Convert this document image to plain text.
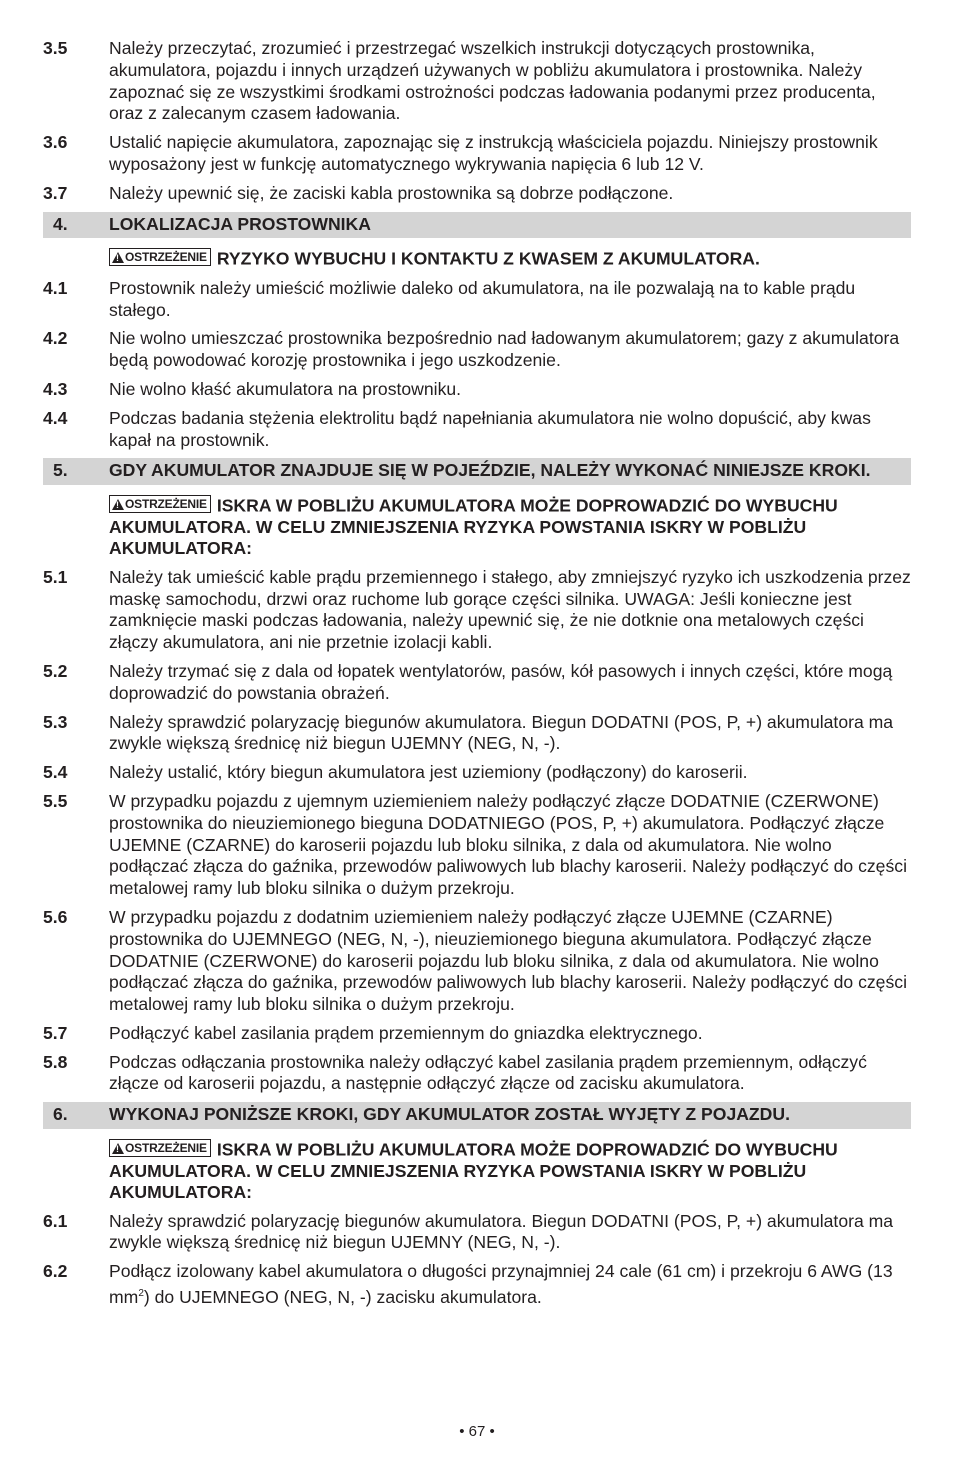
3.5	Należy przeczytać, zrozumieć i przestrzegać wszelkich instrukcji dotyczących prostownika, akumulatora, pojazdu i innych urządzeń używanych w pobliżu akumulatora i prostownika. Należy zapoznać się ze wszystkimi środkami ostrożności podczas ładowania podanymi przez producenta, oraz z zalecanym czasem ładowania.
3.6	Ustalić napięcie akumulatora, zapoznając się z instrukcją właściciela pojazdu. Niniejszy prostownik wyposażony jest w funkcję automatycznego wykrywania napięcia 6 lub 12 V.
3.7	Należy upewnić się, że zaciski kabla prostownika są dobrze podłączone.
4.	LOKALIZACJA PROSTOWNIKA
!
OSTRZEŻENIE RYZYKO WYBUCHU I KONTAKTU Z KWASEM Z AKUMULATORA.
4.1	Prostownik należy umieścić możliwie daleko od akumulatora, na ile pozwalają na to kable prądu stałego.
4.2	Nie wolno umieszczać prostownika bezpośrednio nad ładowanym akumulatorem; gazy z akumulatora będą powodować korozję prostownika i jego uszkodzenie.
4.3	Nie wolno kłaść akumulatora na prostowniku.
4.4	Podczas badania stężenia elektrolitu bądź napełniania akumulatora nie wolno dopuścić, aby kwas kapał na prostownik.
5.	GDY AKUMULATOR ZNAJDUJE SIĘ W POJEŹDZIE, NALEŻY WYKONAĆ NINIEJSZE KROKI.
!
OSTRZEŻENIE ISKRA W POBLIŻU AKUMULATORA MOŻE DOPROWADZIĆ DO WYBUCHU AKUMULATORA. W CELU ZMNIEJSZENIA RYZYKA POWSTANIA ISKRY W POBLIŻU AKUMULATORA:
5.1	Należy tak umieścić kable prądu przemiennego i stałego, aby zmniejszyć ryzyko ich uszkodzenia przez maskę samochodu, drzwi oraz ruchome lub gorące części silnika. UWAGA: Jeśli konieczne jest zamknięcie maski podczas ładowania, należy upewnić się, że nie dotknie ona metalowych części złączy akumulatora, ani nie przetnie izolacji kabli.
5.2	Należy trzymać się z dala od łopatek wentylatorów, pasów, kół pasowych i innych części, które mogą doprowadzić do powstania obrażeń.
5.3	Należy sprawdzić polaryzację biegunów akumulatora. Biegun DODATNI (POS, P, +) akumulatora ma zwykle większą średnicę niż biegun UJEMNY (NEG, N, -).
5.4	Należy ustalić, który biegun akumulatora jest uziemiony (podłączony) do karoserii.
5.5	W przypadku pojazdu z ujemnym uziemieniem należy podłączyć złącze DODATNIE (CZERWONE) prostownika do nieuziemionego bieguna DODATNIEGO (POS, P, +) akumulatora. Podłączyć złącze UJEMNE (CZARNE) do karoserii pojazdu lub bloku silnika, z dala od akumulatora. Nie wolno podłączać złącza do gaźnika, przewodów paliwowych lub blachy karoserii. Należy podłączyć do części metalowej ramy lub bloku silnika o dużym przekroju.
5.6	W przypadku pojazdu z dodatnim uziemieniem należy podłączyć złącze UJEMNE (CZARNE) prostownika do UJEMNEGO (NEG, N, -), nieuziemionego bieguna akumulatora. Podłączyć złącze DODATNIE (CZERWONE) do karoserii pojazdu lub bloku silnika, z dala od akumulatora. Nie wolno podłączać złącza do gaźnika, przewodów paliwowych lub blachy karoserii. Należy podłączyć do części metalowej ramy lub bloku silnika o dużym przekroju.
5.7	Podłączyć kabel zasilania prądem przemiennym do gniazdka elektrycznego.
5.8	Podczas odłączania prostownika należy odłączyć kabel zasilania prądem przemiennym, odłączyć złącze od karoserii pojazdu, a następnie odłączyć złącze od zacisku akumulatora.
6.	WYKONAJ PONIŻSZE KROKI, GDY AKUMULATOR ZOSTAŁ WYJĘTY Z POJAZDU.
!
OSTRZEŻENIE ISKRA W POBLIŻU AKUMULATORA MOŻE DOPROWADZIĆ DO WYBUCHU AKUMULATORA. W CELU ZMNIEJSZENIA RYZYKA POWSTANIA ISKRY W POBLIŻU AKUMULATORA:
6.1	Należy sprawdzić polaryzację biegunów akumulatora. Biegun DODATNI (POS, P, +) akumulatora ma zwykle większą średnicę niż biegun UJEMNY (NEG, N, -).
6.2	Podłącz izolowany kabel akumulatora o długości przynajmniej 24 cale (61 cm) i przekroju 6 AWG (13 $mm^2$) do UJEMNEGO (NEG, N, -) zacisku akumulatora.
• 67 •
